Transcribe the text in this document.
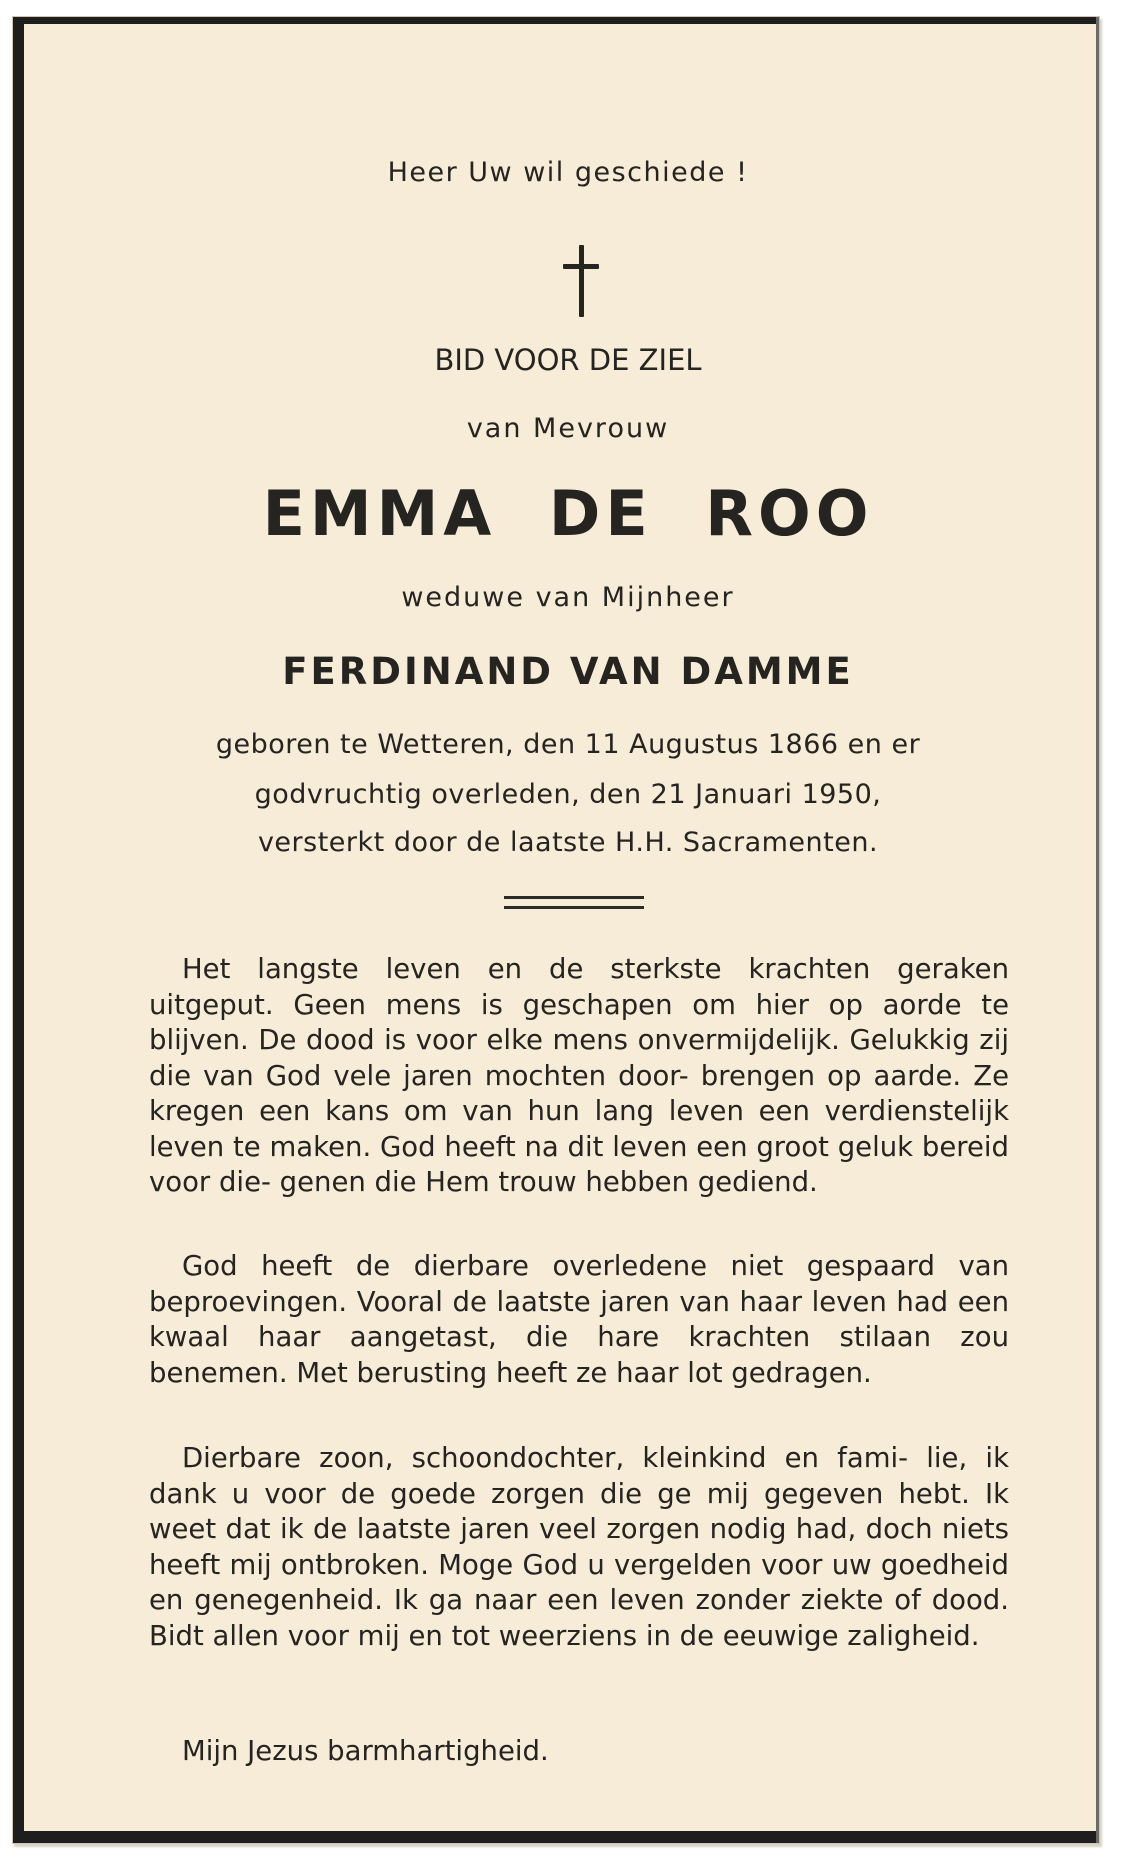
Heer Uw wil geschiede !

BID VOOR DE ZIEL

van Mevrouw

EMMA DE ROO

weduwe van Mijnheer

FERDINAND VAN DAMME

geboren te Wetteren, den 11 Augustus 1866 en er

godvruchtig overleden, den 21 Januari 1950,

versterkt door de laatste H.H. Sacramenten.

Het langste leven en de sterkste krachten geraken uitgeput. Geen mens is geschapen om hier op aorde te blijven. De dood is voor elke mens onvermijdelijk. Gelukkig zij die van God vele jaren mochten door- brengen op aarde. Ze kregen een kans om van hun lang leven een verdienstelijk leven te maken. God heeft na dit leven een groot geluk bereid voor die- genen die Hem trouw hebben gediend.

God heeft de dierbare overledene niet gespaard van beproevingen. Vooral de laatste jaren van haar leven had een kwaal haar aangetast, die hare krachten stilaan zou benemen. Met berusting heeft ze haar lot gedragen.

Dierbare zoon, schoondochter, kleinkind en fami- lie, ik dank u voor de goede zorgen die ge mij gegeven hebt. Ik weet dat ik de laatste jaren veel zorgen nodig had, doch niets heeft mij ontbroken. Moge God u vergelden voor uw goedheid en genegenheid. Ik ga naar een leven zonder ziekte of dood. Bidt allen voor mij en tot weerziens in de eeuwige zaligheid.

Mijn Jezus barmhartigheid.
